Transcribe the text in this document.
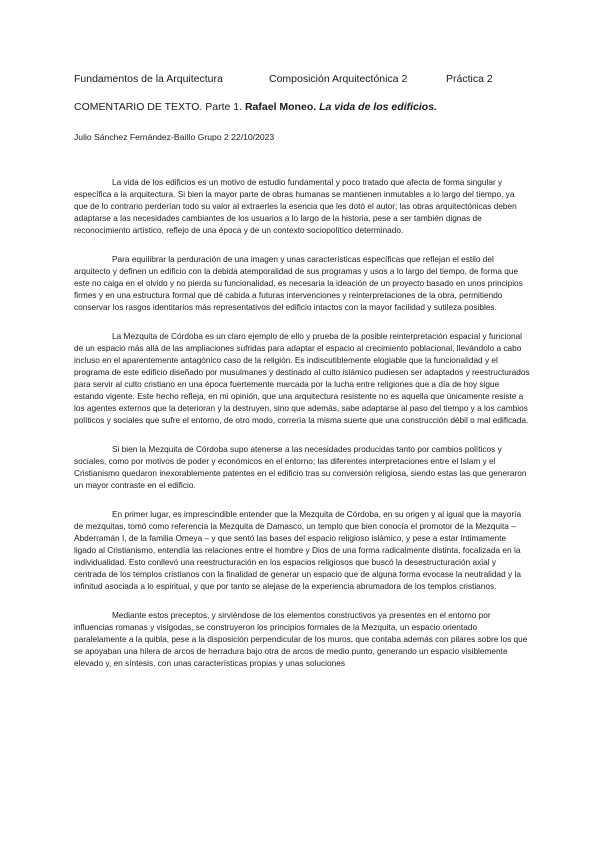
Fundamentos de la Arquitectura	Composición Arquitectónica 2	Práctica 2
COMENTARIO DE TEXTO. Parte 1. Rafael Moneo. La vida de los edificios.
Julio Sánchez Fernández-Baíllo Grupo 2 22/10/2023

La vida de los edificios es un motivo de estudio fundamental y poco tratado que afecta de forma singular y específica a la arquitectura. Si bien la mayor parte de obras humanas se mantienen inmutables a lo largo del tiempo, ya que de lo contrario perderían todo su valor al extraerles la esencia que les dotó el autor; las obras arquitectónicas deben adaptarse a las necesidades cambiantes de los usuarios a lo largo de la historia, pese a ser también dignas de reconocimiento artístico, reflejo de una época y de un contexto sociopolítico determinado.

Para equilibrar la perduración de una imagen y unas características específicas que reflejan el estilo del arquitecto y definen un edificio con la debida atemporalidad de sus programas y usos a lo largo del tiempo, de forma que este no caiga en el olvido y no pierda su funcionalidad, es necesaria la ideación de un proyecto basado en unos principios firmes y en una estructura formal que dé cabida a futuras intervenciones y reinterpretaciones de la obra, permitiendo conservar los rasgos identitarios más representativos del edificio intactos con la mayor facilidad y sutileza posibles.

La Mezquita de Córdoba es un claro ejemplo de ello y prueba de la posible reinterpretación espacial y funcional de un espacio más allá de las ampliaciones sufridas para adaptar el espacio al crecimiento poblacional, llevándolo a cabo incluso en el aparentemente antagónico caso de la religión. Es indiscutiblemente elogiable que la funcionalidad y el programa de este edificio diseñado por musulmanes y destinado al culto islámico pudiesen ser adaptados y reestructurados para servir al culto cristiano en una época fuertemente marcada por la lucha entre religiones que a día de hoy sigue estando vigente. Este hecho refleja, en mi opinión, que una arquitectura resistente no es aquella que únicamente resiste a los agentes externos que la deterioran y la destruyen, sino que además, sabe adaptarse al paso del tiempo y a los cambios políticos y sociales que sufre el entorno, de otro modo, correría la misma suerte que una construcción débil o mal edificada.

Si bien la Mezquita de Córdoba supo atenerse a las necesidades producidas tanto por cambios políticos y sociales, como por motivos de poder y económicos en el entorno; las diferentes interpretaciones entre el Islam y el Cristianismo quedaron inexorablemente patentes en el edificio tras su conversión religiosa, siendo estas las que generaron un mayor contraste en el edificio.

En primer lugar, es imprescindible entender que la Mezquita de Córdoba, en su origen y al igual que la mayoría de mezquitas, tomó como referencia la Mezquita de Damasco, un templo que bien conocía el promotor de la Mezquita – Abderramán I, de la familia Omeya – y que sentó las bases del espacio religioso islámico, y pese a estar íntimamente ligado al Cristianismo, entendía las relaciones entre el hombre y Dios de una forma radicalmente distinta, focalizada en la individualidad. Esto conllevó una reestructuración en los espacios religiosos que buscó la desestructuración axial y centrada de los templos cristianos con la finalidad de generar un espacio que de alguna forma evocase la neutralidad y la infinitud asociada a lo espiritual, y que por tanto se alejase de la experiencia abrumadora de los templos cristianos.

Mediante estos preceptos, y sirviéndose de los elementos constructivos ya presentes en el entorno por influencias romanas y visigodas, se construyeron los principios formales de la Mezquita, un espacio orientado paralelamente a la quibla, pese a la disposición perpendicular de los muros, que contaba además con pilares sobre los que se apoyaban una hilera de arcos de herradura bajo otra de arcos de medio punto, generando un espacio visiblemente elevado y, en síntesis, con unas características propias y unas soluciones
